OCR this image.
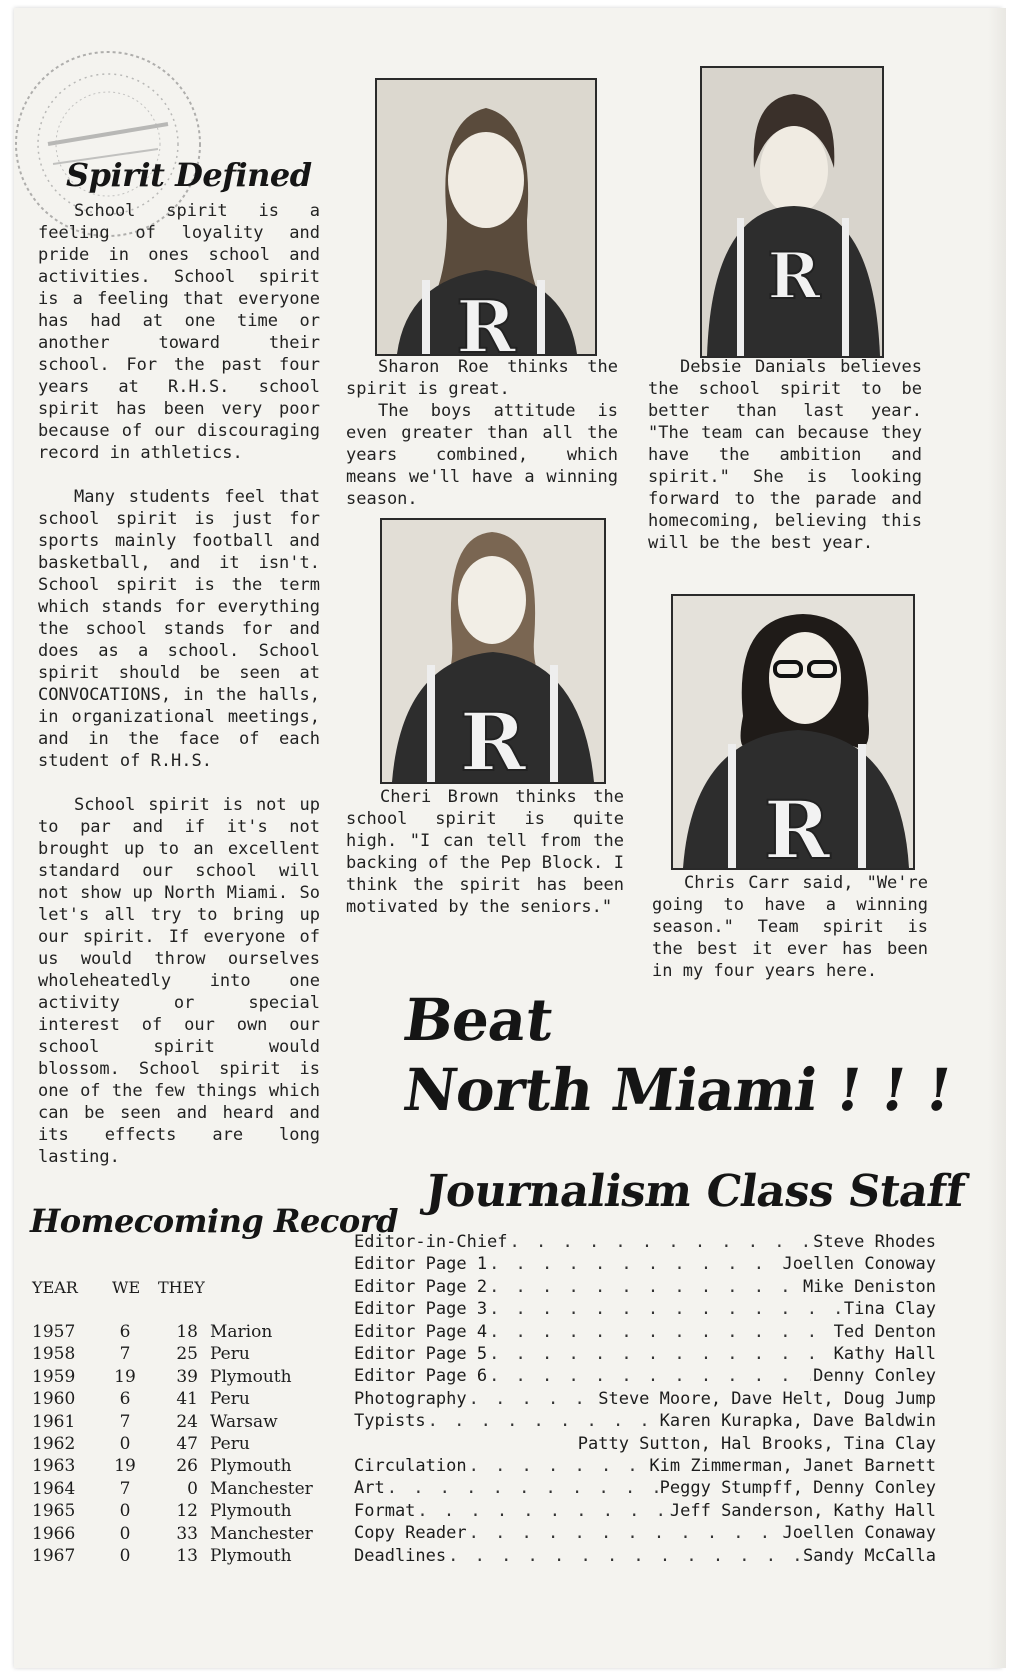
Spirit Defined
School spirit is a feeling of loyality and pride in ones school and activities. School spirit is a feeling that everyone has had at one time or another toward their school. For the past four years at R.H.S. school spirit has been very poor because of our discouraging record in athletics.
Many students feel that school spirit is just for sports mainly football and basketball, and it isn't. School spirit is the term which stands for everything the school stands for and does as a school. School spirit should be seen at CONVOCATIONS, in the halls, in organizational meetings, and in the face of each student of R.H.S.
School spirit is not up to par and if it's not brought up to an excellent standard our school will not show up North Miami. So let's all try to bring up our spirit. If everyone of us would throw ourselves wholeheatedly into one activity or special interest of our own our school spirit would blossom. School spirit is one of the few things which can be seen and heard and its effects are long lasting.
R
Sharon Roe thinks the spirit is great.
The boys attitude is even greater than all the years combined, which means we'll have a winning season.
R
Debsie Danials believes the school spirit to be better than last year. "The team can because they have the ambition and spirit." She is looking forward to the parade and homecoming, believing this will be the best year.
R
Cheri Brown thinks the school spirit is quite high. "I can tell from the backing of the Pep Block. I think the spirit has been motivated by the seniors."
R
Chris Carr said, "We're going to have a winning season." Team spirit is the best it ever has been in my four years here.
Beat
North Miami ! ! !
Homecoming Record
YEAR WE THEY
1957	6	18 Marion
1958	7	25 Peru
1959	19	39 Plymouth
1960	6	41 Peru
1961	7	24 Warsaw
1962	0	47 Peru
1963	19	26 Plymouth
1964	7	0 Manchester
1965	0	12 Plymouth
1966	0	33 Manchester
1967	0	13 Plymouth
Journalism Class Staff
Editor-in-Chief . . .	Steve Rhodes
Editor Page 1 . . .	Joellen Conoway
Editor Page 2 . . .	Mike Deniston
Editor Page 3 . . .	Tina Clay
Editor Page 4 . . .	Ted Denton
Editor Page 5 . . .	Kathy Hall
Editor Page 6 . . .	Denny Conley
Photography . . .	Steve Moore, Dave Helt, Doug Jump
Typists . . .	Karen Kurapka, Dave Baldwin
Patty Sutton, Hal Brooks, Tina Clay
Circulation . . .	Kim Zimmerman, Janet Barnett
Art . . .	Peggy Stumpff, Denny Conley
Format . . .	Jeff Sanderson, Kathy Hall
Copy Reader . . .	Joellen Conaway
Deadlines . . .	Sandy McCalla
